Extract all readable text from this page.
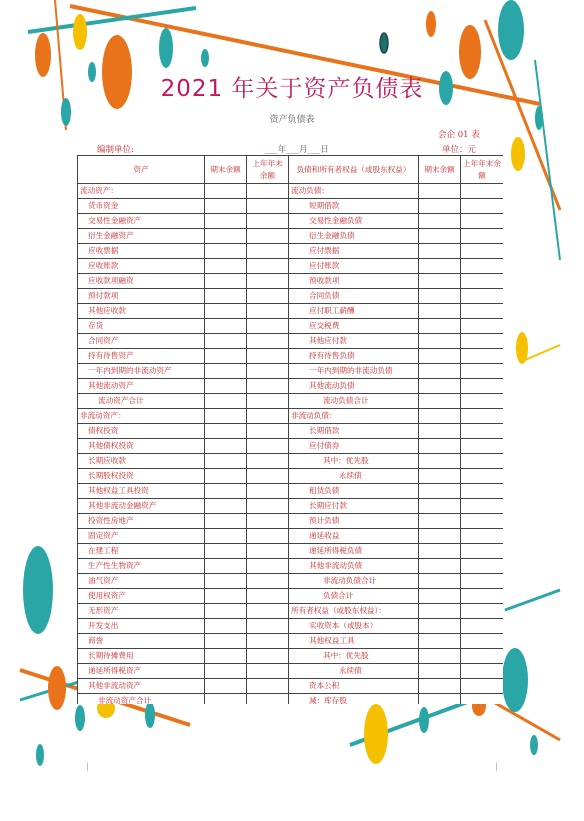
2021 年关于资产负债表
资产负债表
会企 01 表
编制单位:	___年___月___日	单位：元
资产	期末余额	上年年末余额	负债和所有者权益（或股东权益）	期末余额	上年年末余额
流动资产：			流动负债：		
货币资金			短期借款		
交易性金融资产			交易性金融负债		
衍生金融资产			衍生金融负债		
应收票据			应付票据		
应收账款			应付账款		
应收款项融资			预收款项		
预付款项			合同负债		
其他应收款			应付职工薪酬		
存货			应交税费		
合同资产			其他应付款		
持有待售资产			持有待售负债		
一年内到期的非流动资产			一年内到期的非流动负债		
其他流动资产			其他流动负债		
流动资产合计			流动负债合计		
非流动资产：			非流动负债：		
债权投资			长期借款		
其他债权投资			应付债券		
长期应收款			其中：优先股		
长期股权投资			永续债		
其他权益工具投资			租赁负债		
其他非流动金融资产			长期应付款		
投资性房地产			预计负债		
固定资产			递延收益		
在建工程			递延所得税负债		
生产性生物资产			其他非流动负债		
油气资产			非流动负债合计		
使用权资产			负债合计		
无形资产			所有者权益（或股东权益）：		
开发支出			实收资本（或股本）		
商誉			其他权益工具		
长期待摊费用			其中：优先股		
递延所得税资产			永续债		
其他非流动资产			资本公积		
非流动资产合计			减：库存股		
|	|
